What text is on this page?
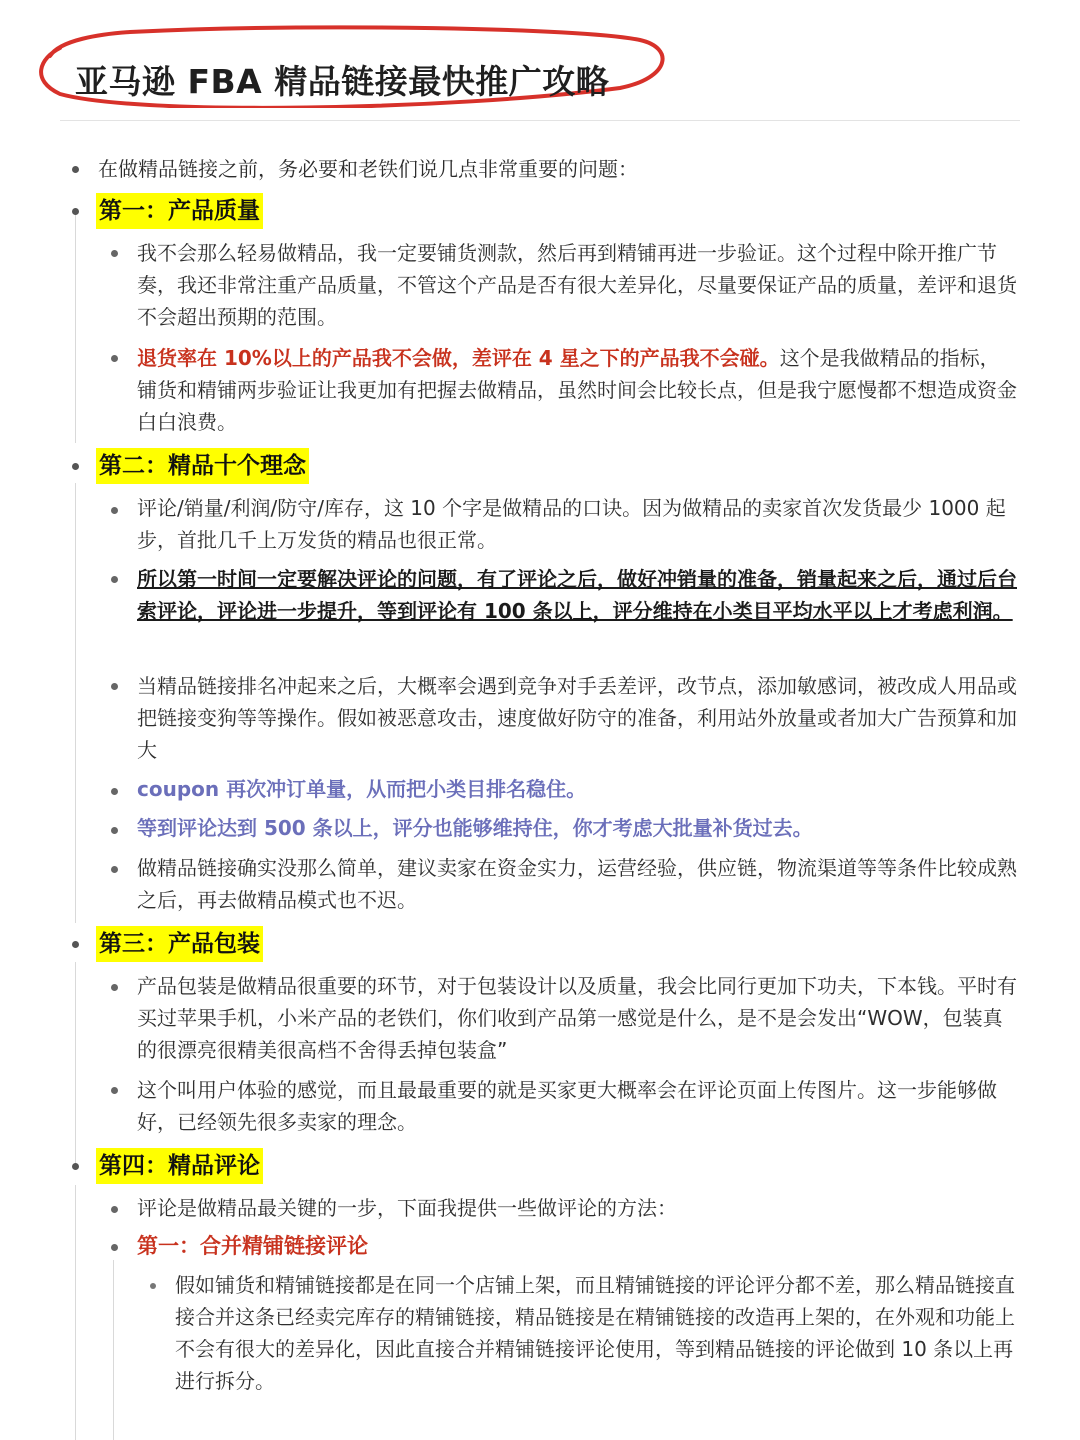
亚马逊 FBA 精品链接最快推广攻略
在做精品链接之前，务必要和老铁们说几点非常重要的问题：
第一：产品质量
我不会那么轻易做精品，我一定要铺货测款，然后再到精铺再进一步验证。这个过程中除开推广节奏，我还非常注重产品质量，不管这个产品是否有很大差异化，尽量要保证产品的质量，差评和退货不会超出预期的范围。
退货率在 10%以上的产品我不会做，差评在 4 星之下的产品我不会碰。这个是我做精品的指标，铺货和精铺两步验证让我更加有把握去做精品，虽然时间会比较长点，但是我宁愿慢都不想造成资金白白浪费。
第二：精品十个理念
评论/销量/利润/防守/库存，这 10 个字是做精品的口诀。因为做精品的卖家首次发货最少 1000 起步，首批几千上万发货的精品也很正常。
所以第一时间一定要解决评论的问题，有了评论之后，做好冲销量的准备，销量起来之后，通过后台索评论，评论进一步提升，等到评论有 100 条以上，评分维持在小类目平均水平以上才考虑利润。
当精品链接排名冲起来之后，大概率会遇到竞争对手丢差评，改节点，添加敏感词，被改成人用品或把链接变狗等等操作。假如被恶意攻击，速度做好防守的准备，利用站外放量或者加大广告预算和加大
coupon 再次冲订单量，从而把小类目排名稳住。
等到评论达到 500 条以上，评分也能够维持住，你才考虑大批量补货过去。
做精品链接确实没那么简单，建议卖家在资金实力，运营经验，供应链，物流渠道等等条件比较成熟之后，再去做精品模式也不迟。
第三：产品包装
产品包装是做精品很重要的环节，对于包装设计以及质量，我会比同行更加下功夫，下本钱。平时有买过苹果手机，小米产品的老铁们，你们收到产品第一感觉是什么，是不是会发出“WOW，包装真的很漂亮很精美很高档不舍得丢掉包装盒”
这个叫用户体验的感觉，而且最最重要的就是买家更大概率会在评论页面上传图片。这一步能够做好，已经领先很多卖家的理念。
第四：精品评论
评论是做精品最关键的一步，下面我提供一些做评论的方法：
第一：合并精铺链接评论
假如铺货和精铺链接都是在同一个店铺上架，而且精铺链接的评论评分都不差，那么精品链接直接合并这条已经卖完库存的精铺链接，精品链接是在精铺链接的改造再上架的，在外观和功能上不会有很大的差异化，因此直接合并精铺链接评论使用，等到精品链接的评论做到 10 条以上再进行拆分。
